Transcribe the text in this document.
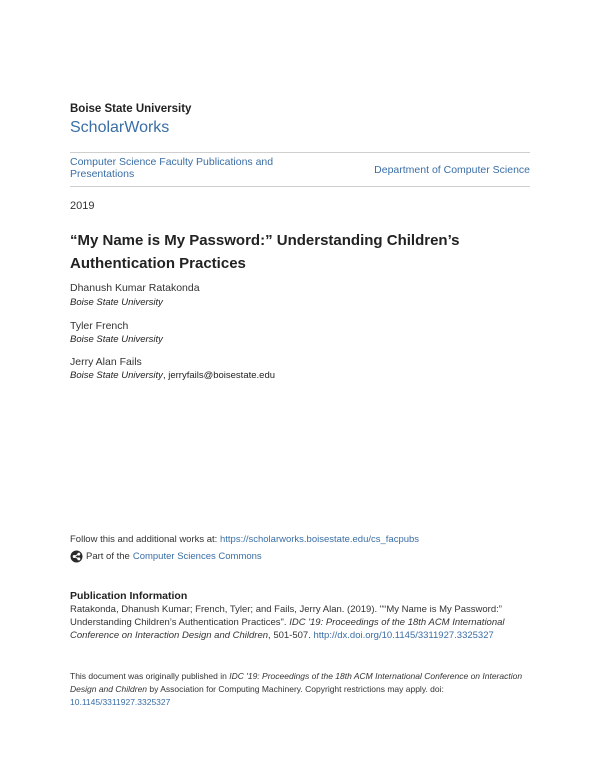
Boise State University
ScholarWorks
Computer Science Faculty Publications and Presentations	Department of Computer Science
2019
“My Name is My Password:” Understanding Children’s Authentication Practices
Dhanush Kumar Ratakonda
Boise State University
Tyler French
Boise State University
Jerry Alan Fails
Boise State University, jerryfails@boisestate.edu
Follow this and additional works at: https://scholarworks.boisestate.edu/cs_facpubs
Part of the Computer Sciences Commons
Publication Information
Ratakonda, Dhanush Kumar; French, Tyler; and Fails, Jerry Alan. (2019). "“My Name is My Password:” Understanding Children’s Authentication Practices". IDC '19: Proceedings of the 18th ACM International Conference on Interaction Design and Children, 501-507. http://dx.doi.org/10.1145/3311927.3325327
This document was originally published in IDC '19: Proceedings of the 18th ACM International Conference on Interaction Design and Children by Association for Computing Machinery. Copyright restrictions may apply. doi: 10.1145/3311927.3325327
